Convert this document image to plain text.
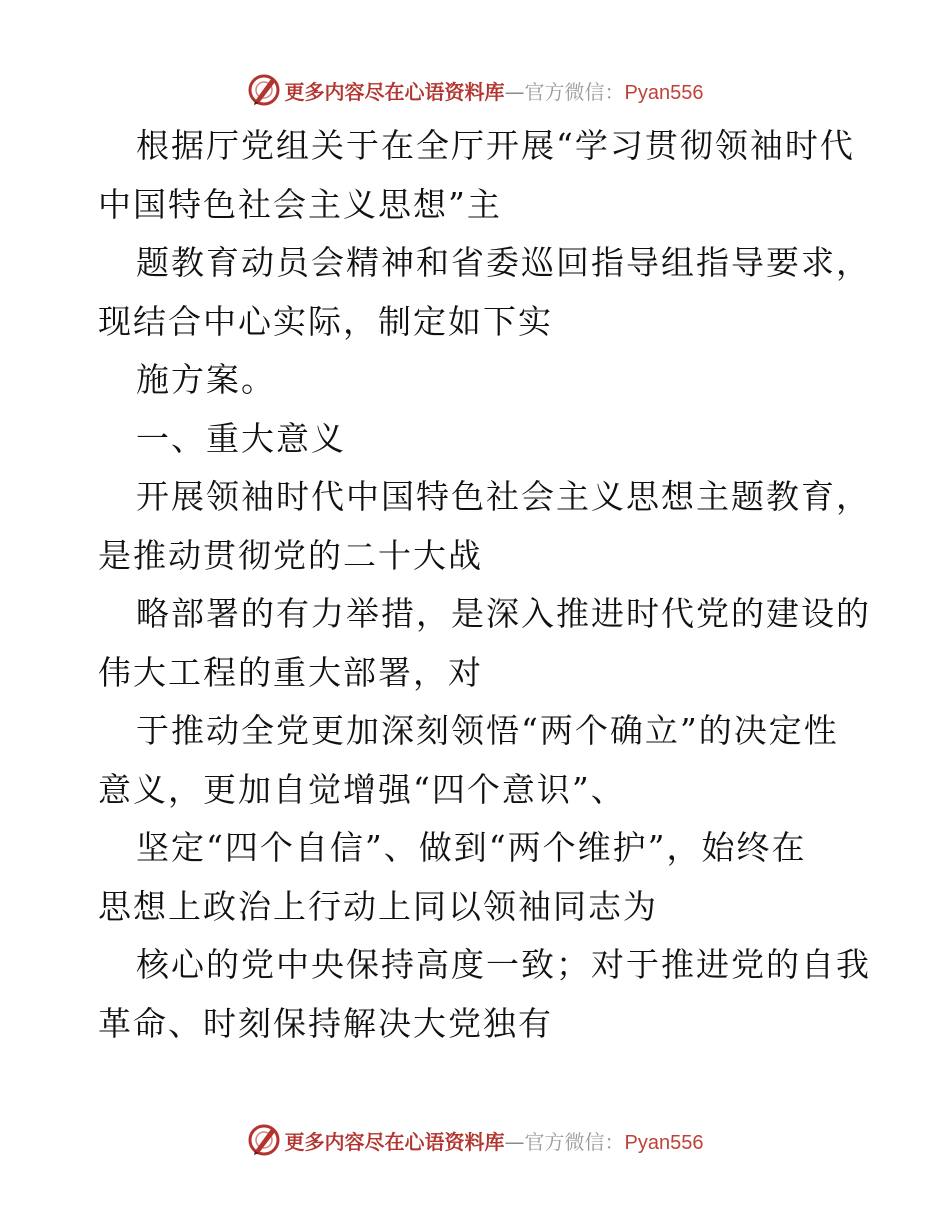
更多内容尽在心语资料库—官方微信：Pyan556
根据厅党组关于在全厅开展“学习贯彻领袖时代
中国特色社会主义思想”主
题教育动员会精神和省委巡回指导组指导要求，
现结合中心实际，制定如下实
施方案。
一、重大意义
开展领袖时代中国特色社会主义思想主题教育，
是推动贯彻党的二十大战
略部署的有力举措，是深入推进时代党的建设的
伟大工程的重大部署，对
于推动全党更加深刻领悟“两个确立”的决定性
意义，更加自觉增强“四个意识”、
坚定“四个自信”、做到“两个维护”，始终在
思想上政治上行动上同以领袖同志为
核心的党中央保持高度一致；对于推进党的自我
革命、时刻保持解决大党独有
更多内容尽在心语资料库—官方微信：Pyan556
